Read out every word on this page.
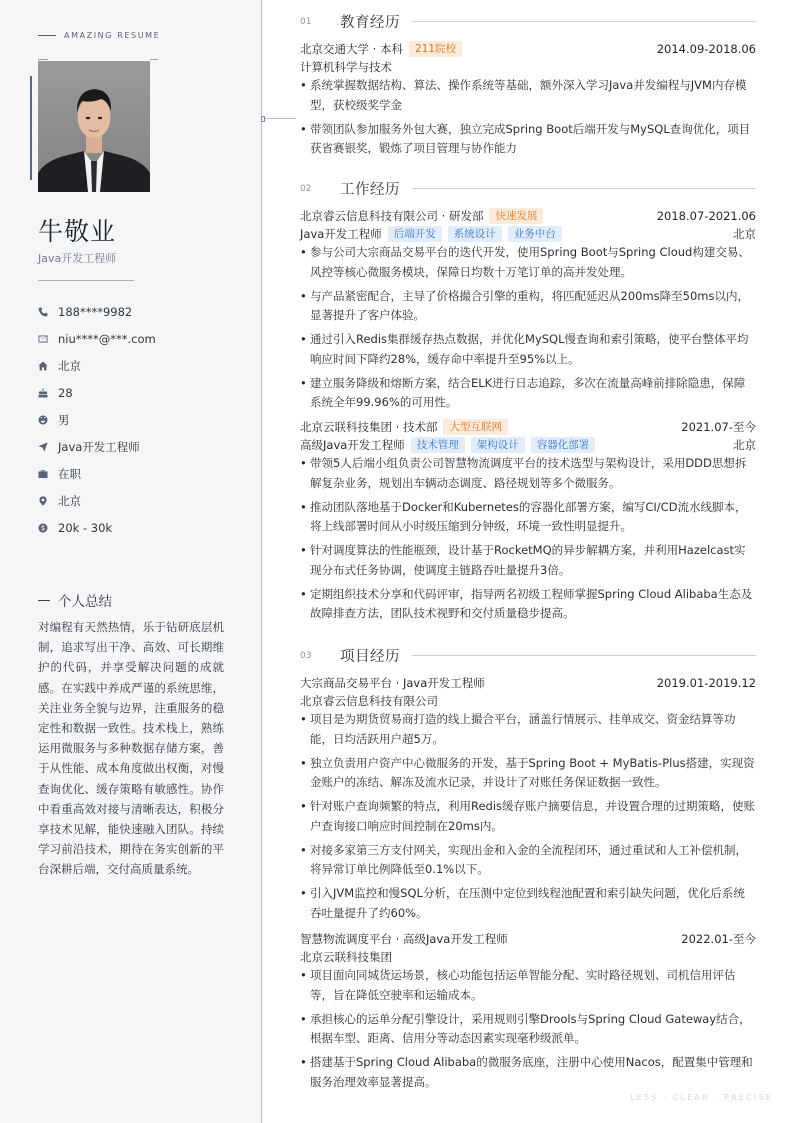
AMAZING RESUME
牛敬业
Java开发工程师
188****9982
niu****@***.com
北京
28
男
Java开发工程师
在职
北京
20k - 30k
个人总结

对编程有天然热情，乐于钻研底层机制，追求写出干净、高效、可长期维护的代码，并享受解决问题的成就感。在实践中养成严谨的系统思维，关注业务全貌与边界，注重服务的稳定性和数据一致性。技术栈上，熟练运用微服务与多种数据存储方案，善于从性能、成本角度做出权衡，对慢查询优化、缓存策略有敏感性。协作中看重高效对接与清晰表达，积极分享技术见解，能快速融入团队。持续学习前沿技术，期待在务实创新的平台深耕后端，交付高质量系统。

01	教育经历
北京交通大学 · 本科	211院校	2014.09-2018.06
计算机科学与技术
• 系统掌握数据结构、算法、操作系统等基础，额外深入学习Java并发编程与JVM内存模型，获校级奖学金
• 带领团队参加服务外包大赛，独立完成Spring Boot后端开发与MySQL查询优化，项目获省赛银奖，锻炼了项目管理与协作能力
02	工作经历
北京睿云信息科技有限公司 · 研发部	快速发展	2018.07-2021.06
Java开发工程师	后端开发	系统设计	业务中台	北京
• 参与公司大宗商品交易平台的迭代开发，使用Spring Boot与Spring Cloud构建交易、风控等核心微服务模块，保障日均数十万笔订单的高并发处理。
• 与产品紧密配合，主导了价格撮合引擎的重构，将匹配延迟从200ms降至50ms以内，显著提升了客户体验。
• 通过引入Redis集群缓存热点数据，并优化MySQL慢查询和索引策略，使平台整体平均响应时间下降约28%，缓存命中率提升至95%以上。
• 建立服务降级和熔断方案，结合ELK进行日志追踪，多次在流量高峰前排除隐患，保障系统全年99.96%的可用性。
北京云联科技集团 · 技术部	大型互联网	2021.07-至今
高级Java开发工程师	技术管理	架构设计	容器化部署	北京
• 带领5人后端小组负责公司智慧物流调度平台的技术选型与架构设计，采用DDD思想拆解复杂业务，规划出车辆动态调度、路径规划等多个微服务。
• 推动团队落地基于Docker和Kubernetes的容器化部署方案，编写CI/CD流水线脚本，将上线部署时间从小时级压缩到分钟级，环境一致性明显提升。
• 针对调度算法的性能瓶颈，设计基于RocketMQ的异步解耦方案，并利用Hazelcast实现分布式任务协调，使调度主链路吞吐量提升3倍。
• 定期组织技术分享和代码评审，指导两名初级工程师掌握Spring Cloud Alibaba生态及故障排查方法，团队技术视野和交付质量稳步提高。
03	项目经历
大宗商品交易平台 · Java开发工程师	2019.01-2019.12
北京睿云信息科技有限公司
• 项目是为期货贸易商打造的线上撮合平台，涵盖行情展示、挂单成交、资金结算等功能，日均活跃用户超5万。
• 独立负责用户资产中心微服务的开发，基于Spring Boot + MyBatis-Plus搭建，实现资金账户的冻结、解冻及流水记录，并设计了对账任务保证数据一致性。
• 针对账户查询频繁的特点，利用Redis缓存账户摘要信息，并设置合理的过期策略，使账户查询接口响应时间控制在20ms内。
• 对接多家第三方支付网关，实现出金和入金的全流程闭环，通过重试和人工补偿机制，将异常订单比例降低至0.1%以下。
• 引入JVM监控和慢SQL分析，在压测中定位到线程池配置和索引缺失问题，优化后系统吞吐量提升了约60%。
智慧物流调度平台 · 高级Java开发工程师	2022.01-至今
北京云联科技集团
• 项目面向同城货运场景，核心功能包括运单智能分配、实时路径规划、司机信用评估等，旨在降低空驶率和运输成本。
• 承担核心的运单分配引擎设计，采用规则引擎Drools与Spring Cloud Gateway结合，根据车型、距离、信用分等动态因素实现毫秒级派单。
• 搭建基于Spring Cloud Alibaba的微服务底座，注册中心使用Nacos，配置集中管理和服务治理效率显著提高。
LESS · CLEAR · PRECISE
